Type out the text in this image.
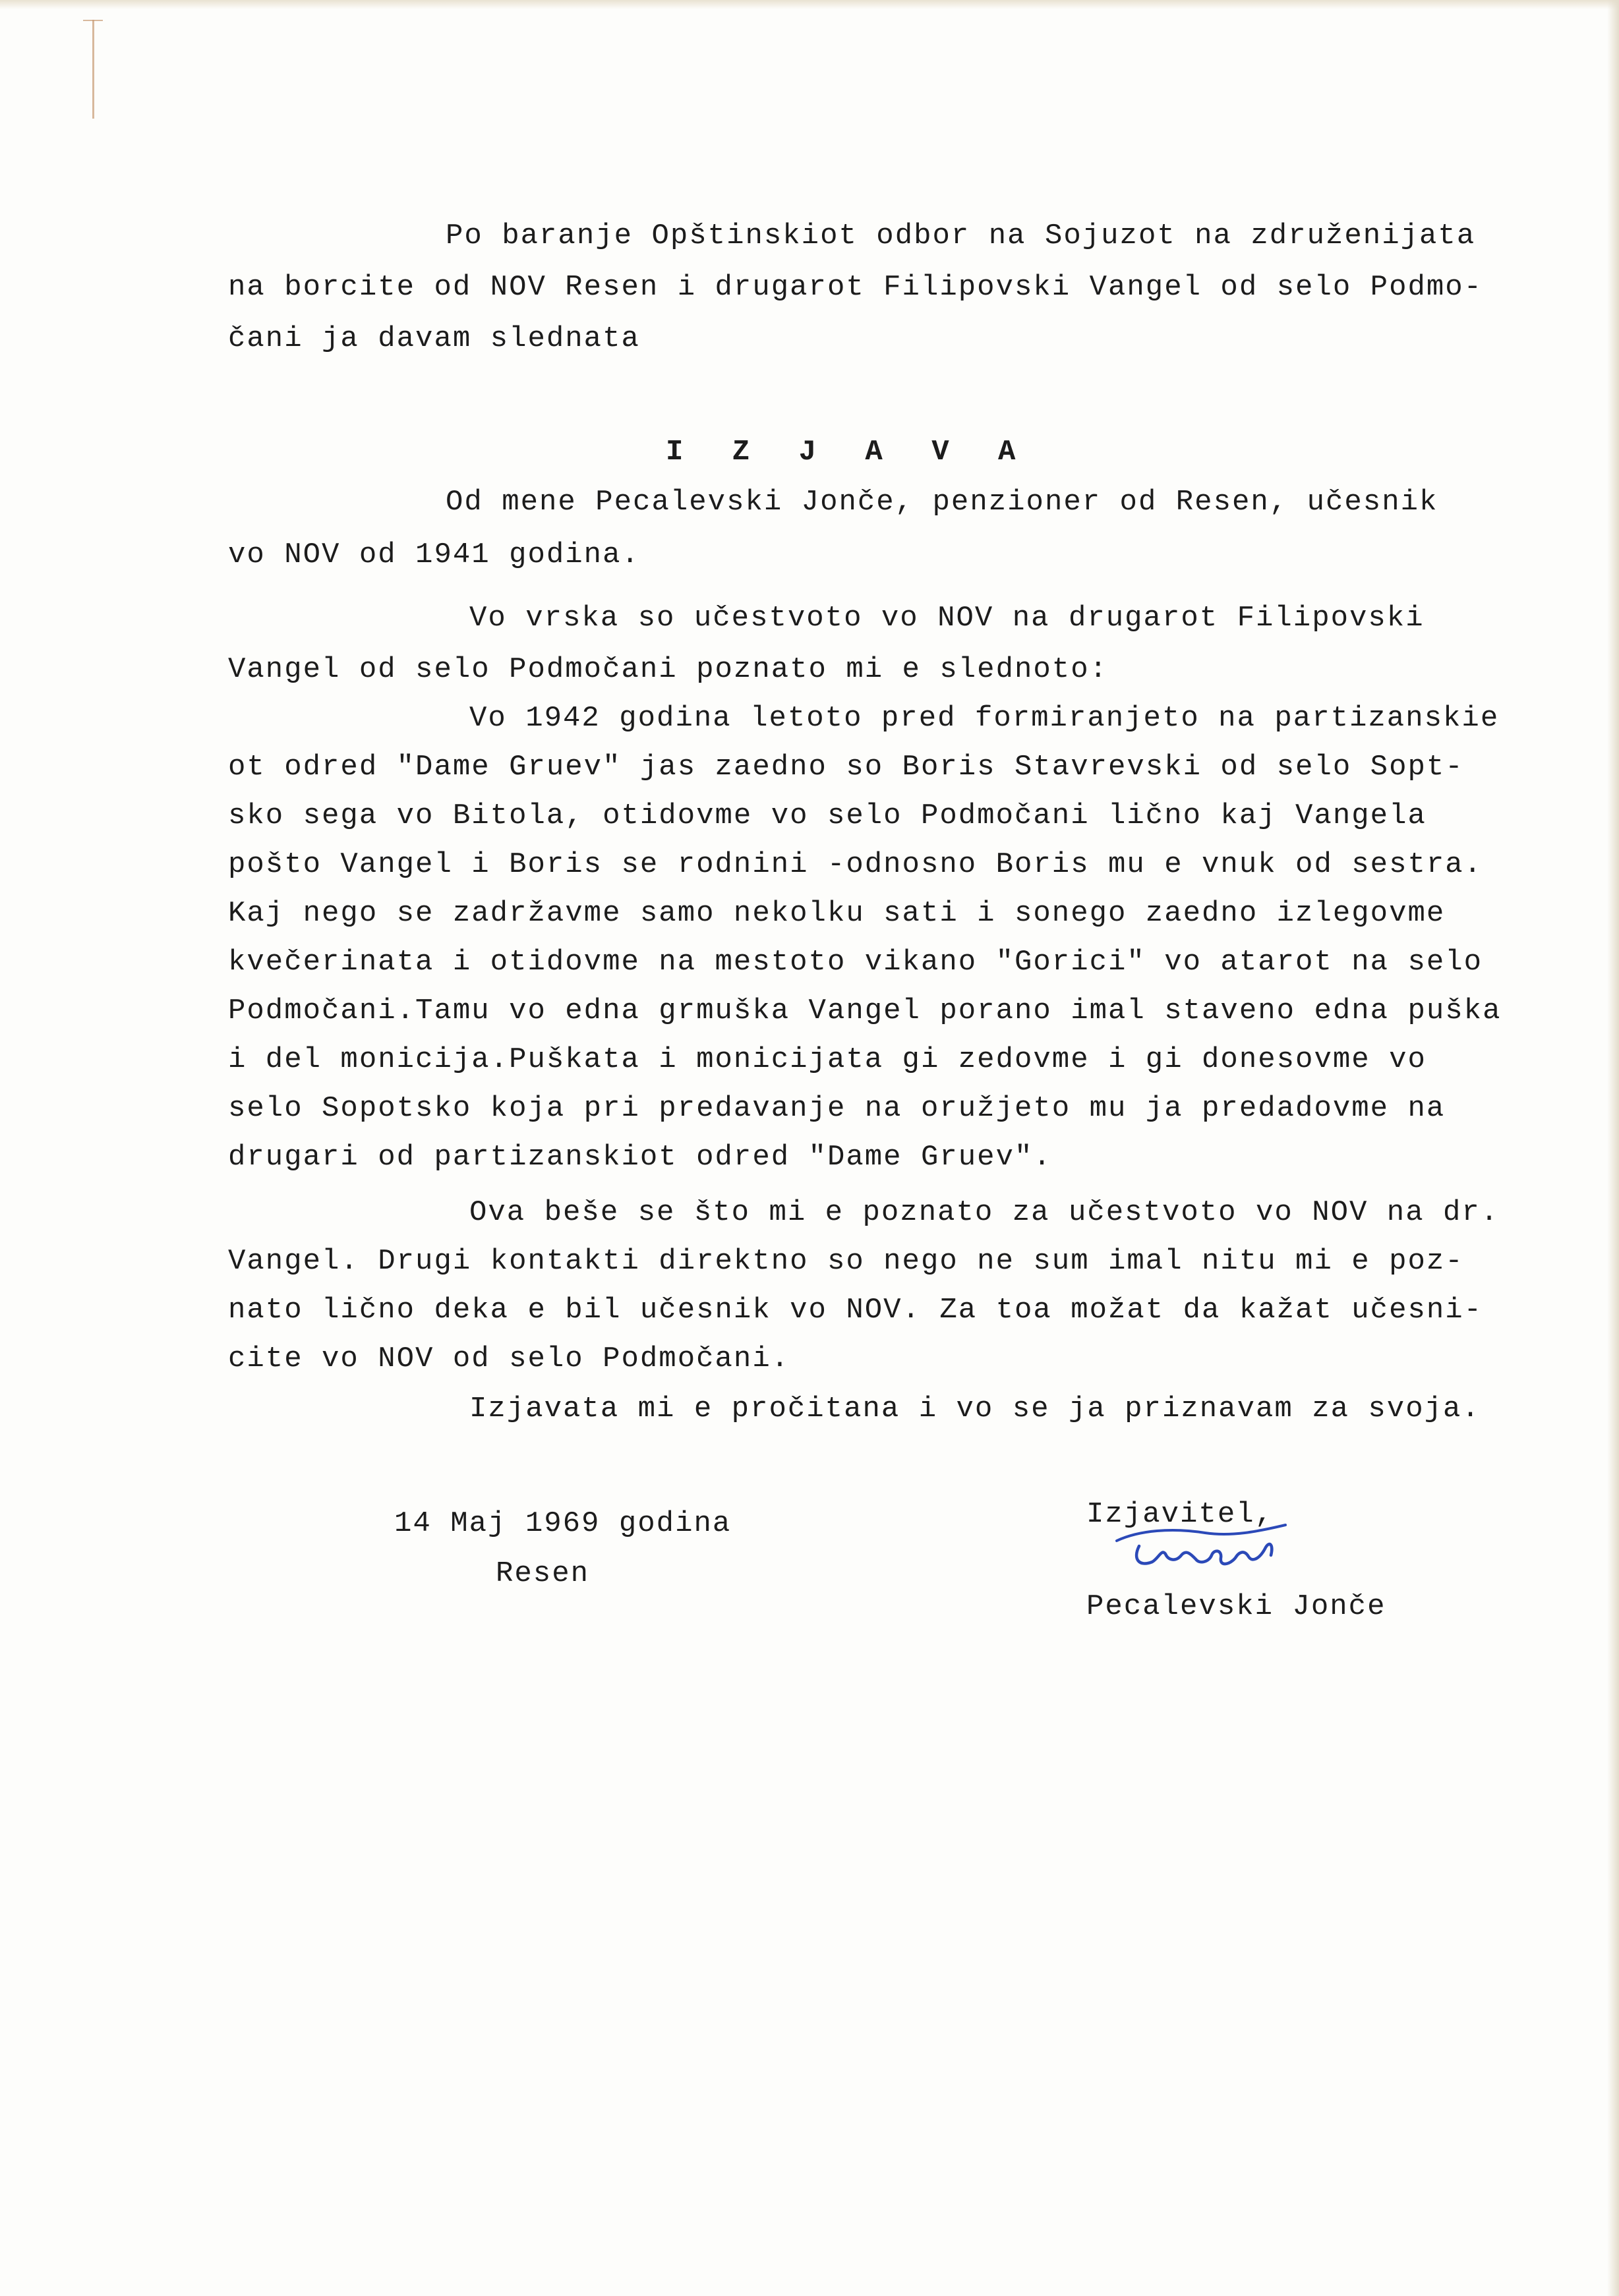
Po baranje Opštinskiot odbor na Sojuzot na združenijata
na borcite od NOV Resen i drugarot Filipovski Vangel od selo Podmo-
čani ja davam slednata
I Z J A V A
Od mene Pecalevski Jonče, penzioner od Resen, učesnik
vo NOV od 1941 godina.
Vo vrska so učestvoto vo NOV na drugarot Filipovski
Vangel od selo Podmočani poznato mi e slednoto:
Vo 1942 godina letoto pred formiranjeto na partizanskie
ot odred "Dame Gruev" jas zaedno so Boris Stavrevski od selo Sopt-
sko sega vo Bitola, otidovme vo selo Podmočani lično kaj Vangela
pošto Vangel i Boris se rodnini -odnosno Boris mu e vnuk od sestra.
Kaj nego se zadržavme samo nekolku sati i sonego zaedno izlegovme
kvečerinata i otidovme na mestoto vikano "Gorici" vo atarot na selo
Podmočani.Tamu vo edna grmuška Vangel porano imal staveno edna puška
i del monicija.Puškata i monicijata gi zedovme i gi donesovme vo
selo Sopotsko koja pri predavanje na oružjeto mu ja predadovme na
drugari od partizanskiot odred "Dame Gruev".
Ova beše se što mi e poznato za učestvoto vo NOV na dr.
Vangel. Drugi kontakti direktno so nego ne sum imal nitu mi e poz-
nato lično deka e bil učesnik vo NOV. Za toa možat da kažat učesni-
cite vo NOV od selo Podmočani.
Izjavata mi e pročitana i vo se ja priznavam za svoja.
14 Maj 1969 godina
Resen
Izjavitel,
Pecalevski Jonče
